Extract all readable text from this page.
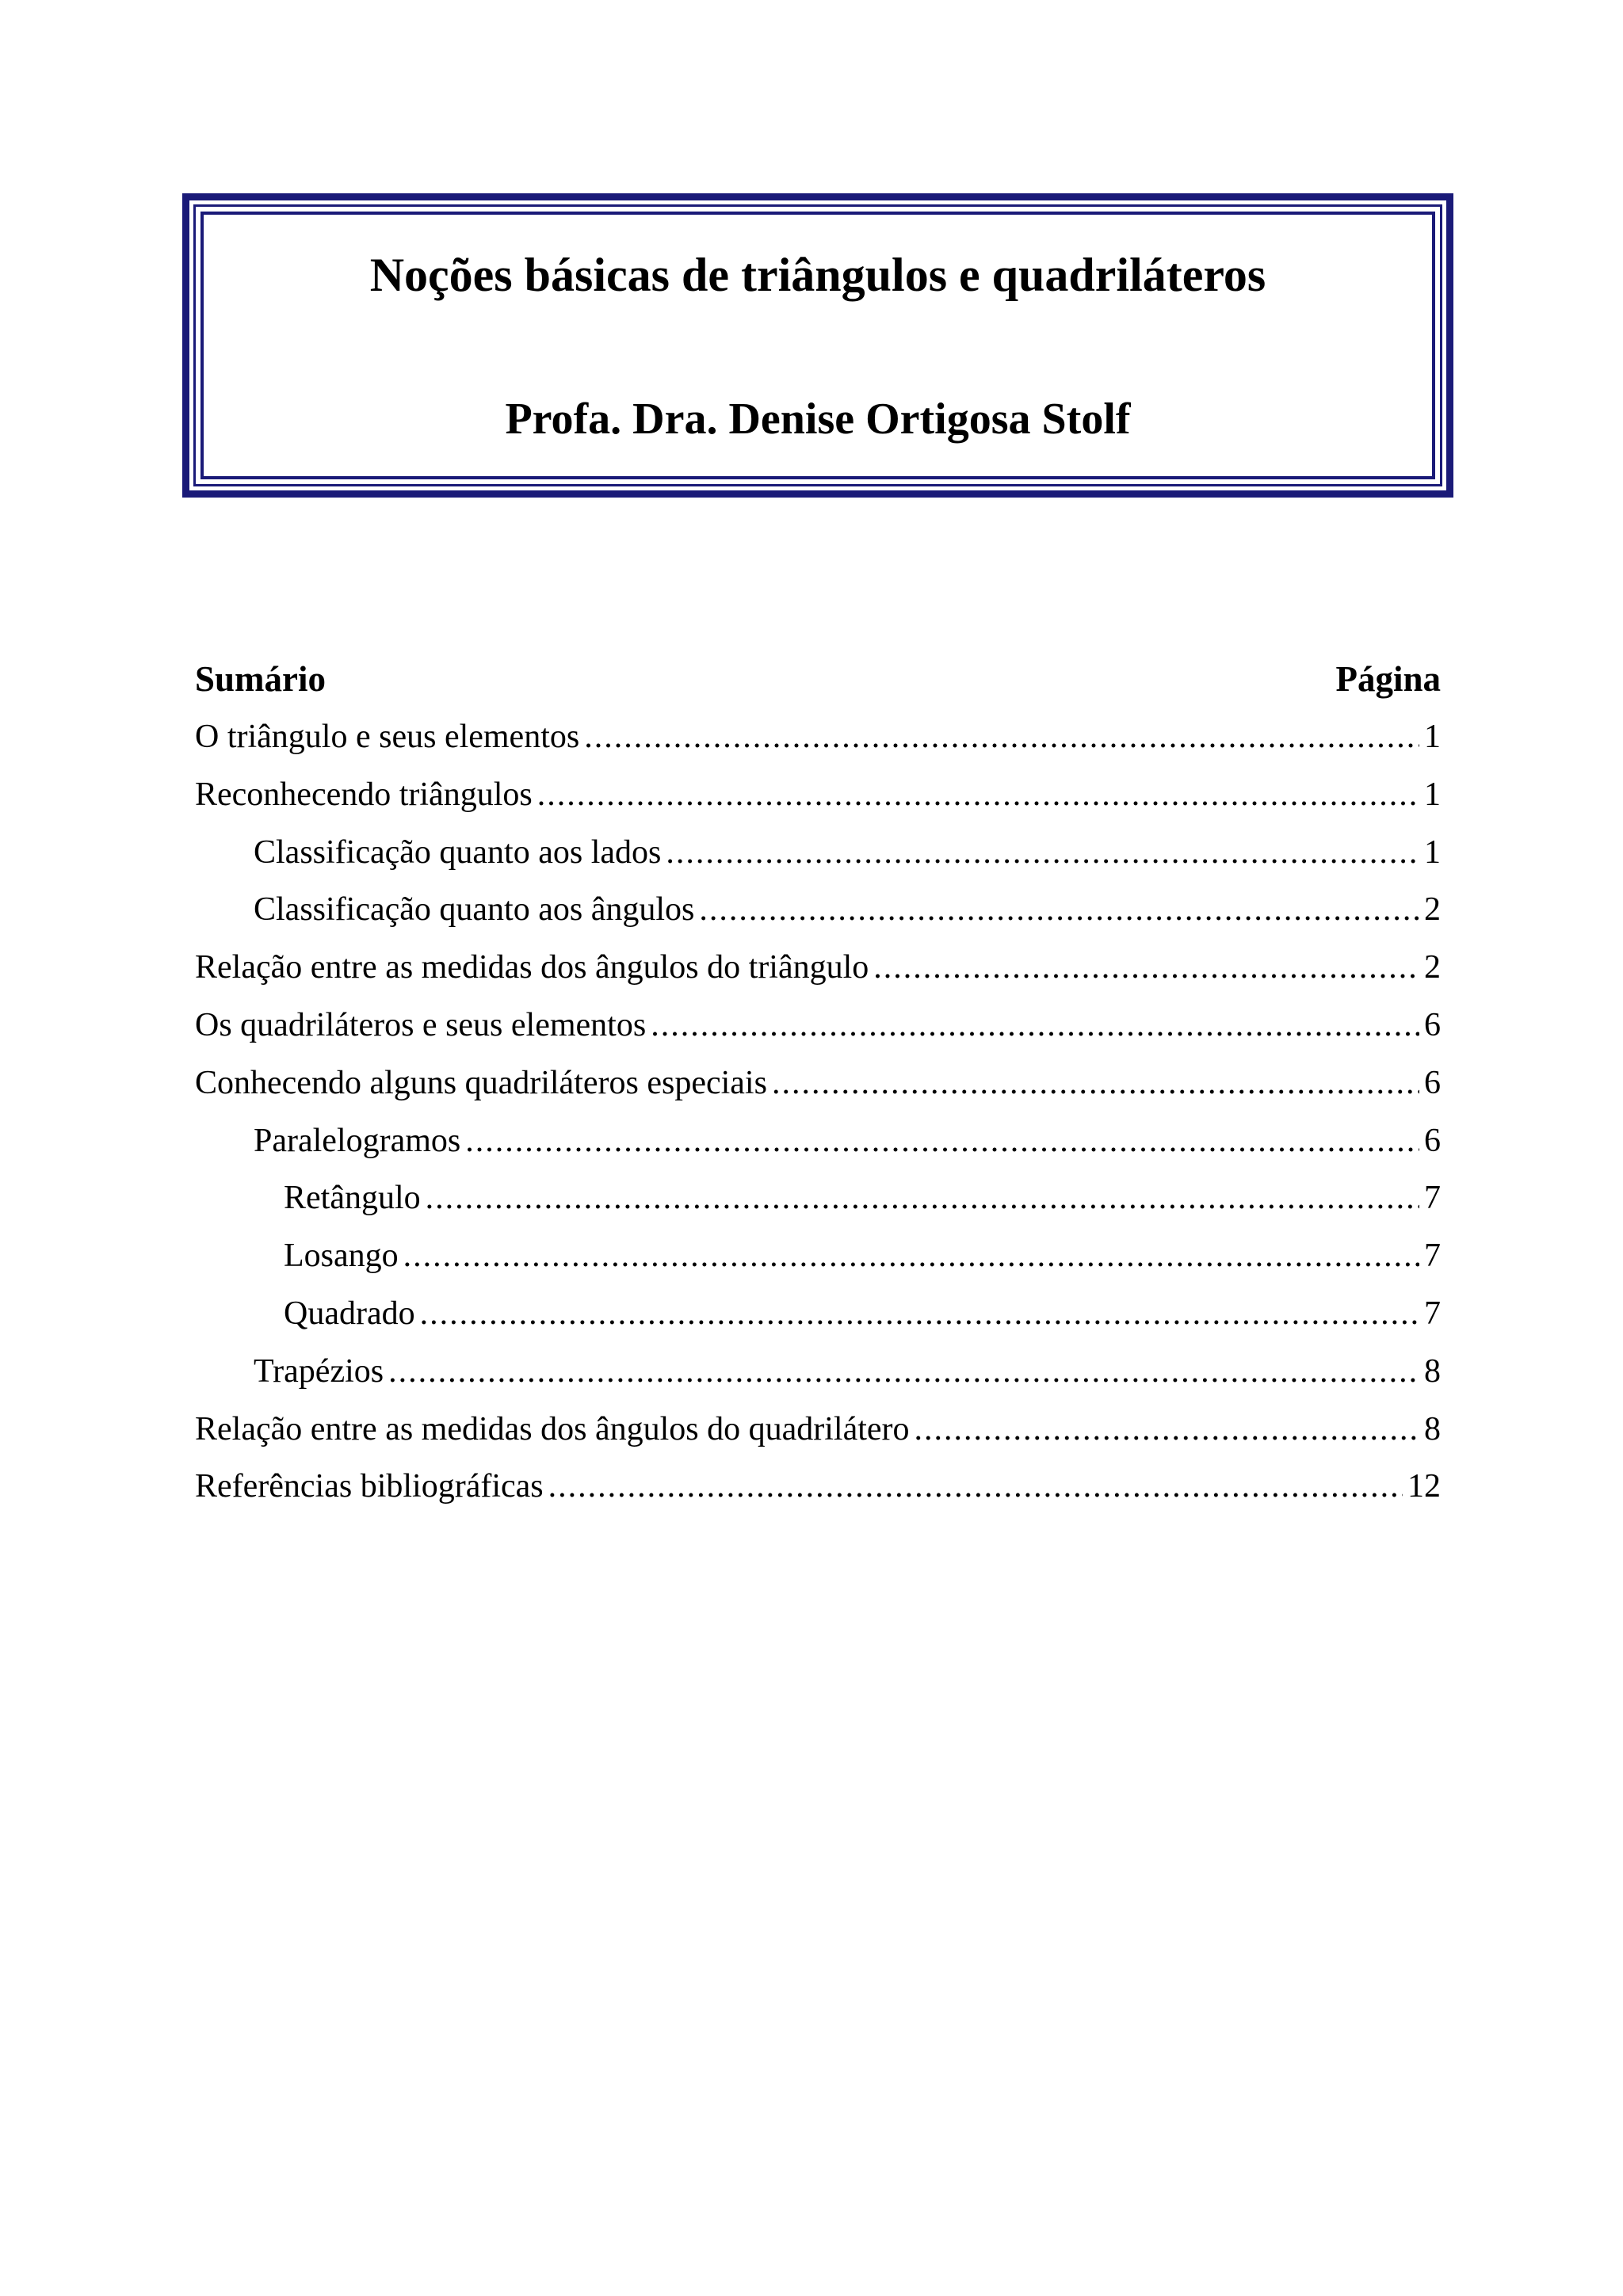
Noções básicas de triângulos e quadriláteros
Profa. Dra. Denise Ortigosa Stolf
Sumário	Página
O triângulo e seus elementos .....	1
Reconhecendo triângulos .....	1
Classificação quanto aos lados .....	1
Classificação quanto aos ângulos .....	2
Relação entre as medidas dos ângulos do triângulo .....	2
Os quadriláteros e seus elementos .....	6
Conhecendo alguns quadriláteros especiais .....	6
Paralelogramos .....	6
Retângulo .....	7
Losango .....	7
Quadrado .....	7
Trapézios .....	8
Relação entre as medidas dos ângulos do quadrilátero .....	8
Referências bibliográficas .....	12
